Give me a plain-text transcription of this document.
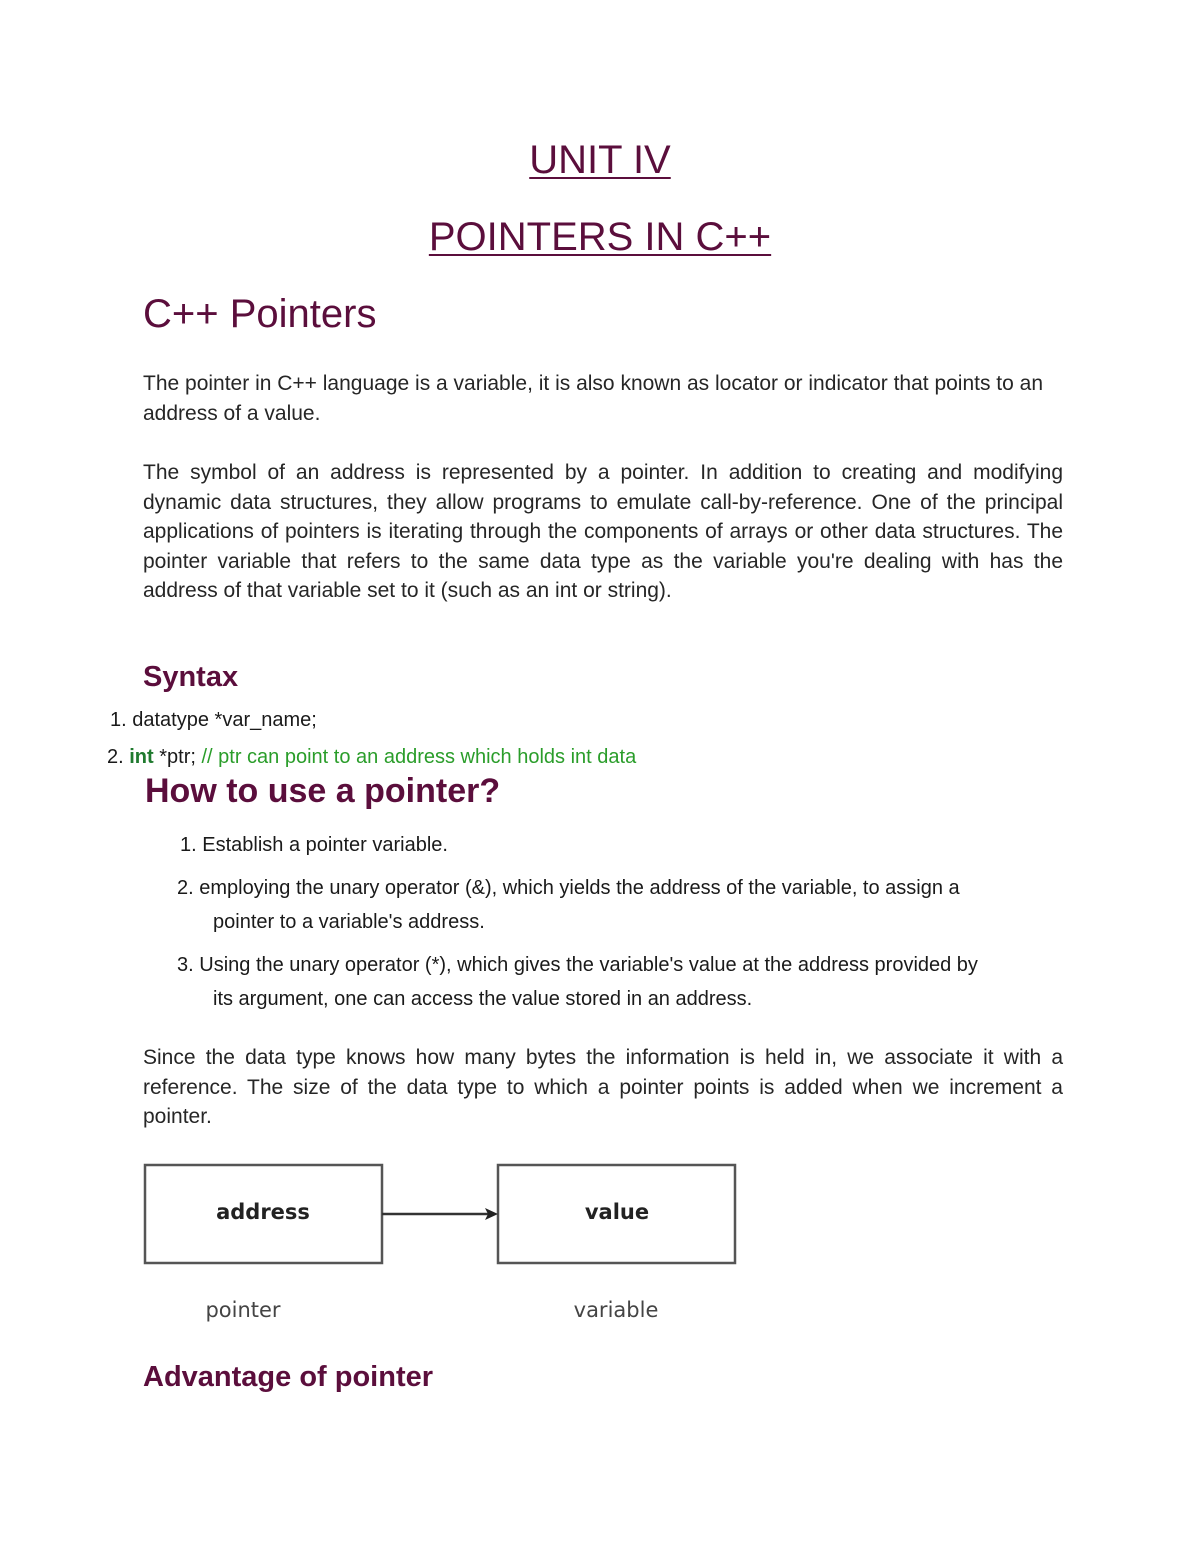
UNIT IV
POINTERS IN C++
C++ Pointers

The pointer in C++ language is a variable, it is also known as locator or indicator that points to an address of a value.

The symbol of an address is represented by a pointer. In addition to creating and modifying dynamic data structures, they allow programs to emulate call-by-reference. One of the principal applications of pointers is iterating through the components of arrays or other data structures. The pointer variable that refers to the same data type as the variable you're dealing with has the address of that variable set to it (such as an int or string).

Syntax

1. datatype *var_name;

2. int *ptr; // ptr can point to an address which holds int data

How to use a pointer?

1. Establish a pointer variable.

2. employing the unary operator (&), which yields the address of the variable, to assign a
pointer to a variable's address.

3. Using the unary operator (*), which gives the variable's value at the address provided by
its argument, one can access the value stored in an address.

Since the data type knows how many bytes the information is held in, we associate it with a reference. The size of the data type to which a pointer points is added when we increment a pointer.

address	value
pointer	variable
Advantage of pointer
